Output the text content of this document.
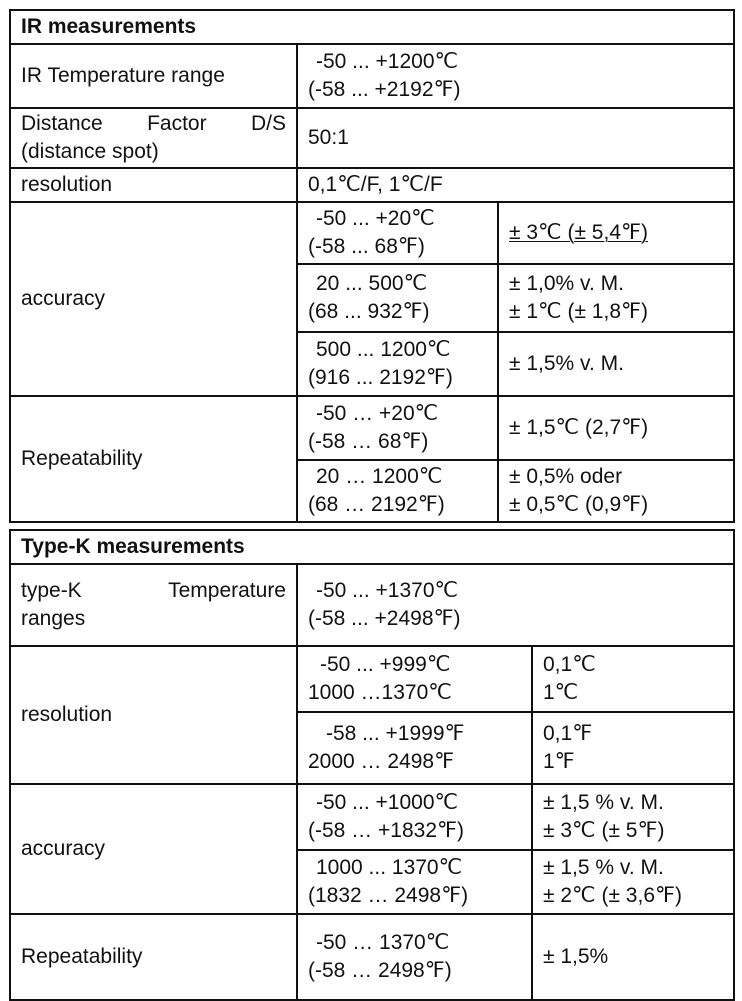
IR measurements		
IR Temperature range	-50 ... +1200℃
(-58 ... +2192℉)	

Distance Factor D/S
(distance spot)	50:1	
resolution	0,1℃/F, 1℃/F	
accuracy	-50 ... +20℃
(-58 ... 68℉)	± 3℃ (± 5,4℉)

	20 ... 500℃
(68 ... 932℉)	± 1,0% v. M.
± 1℃ (± 1,8℉)

	500 ... 1200℃
(916 ... 2192℉)	± 1,5% v. M.

Repeatability	-50 … +20℃
(-58 … 68℉)	± 1,5℃ (2,7℉)

	20 … 1200℃
(68 … 2192℉)	± 0,5% oder
± 0,5℃ (0,9℉)
Type-K measurements		

type-K Temperature
ranges	-50 ... +1370℃
(-58 ... +2498℉)	

resolution	-50 ... +999℃
1000 …1370℃	0,1℃
1℃

	-58 ... +1999℉
2000 … 2498℉	0,1℉
1℉

accuracy	-50 ... +1000℃
(-58 … +1832℉)	± 1,5 % v. M.
± 3℃ (± 5℉)

	1000 ... 1370℃
(1832 … 2498℉)	± 1,5 % v. M.
± 2℃ (± 3,6℉)

Repeatability	-50 … 1370℃
(-58 … 2498℉)	± 1,5%
